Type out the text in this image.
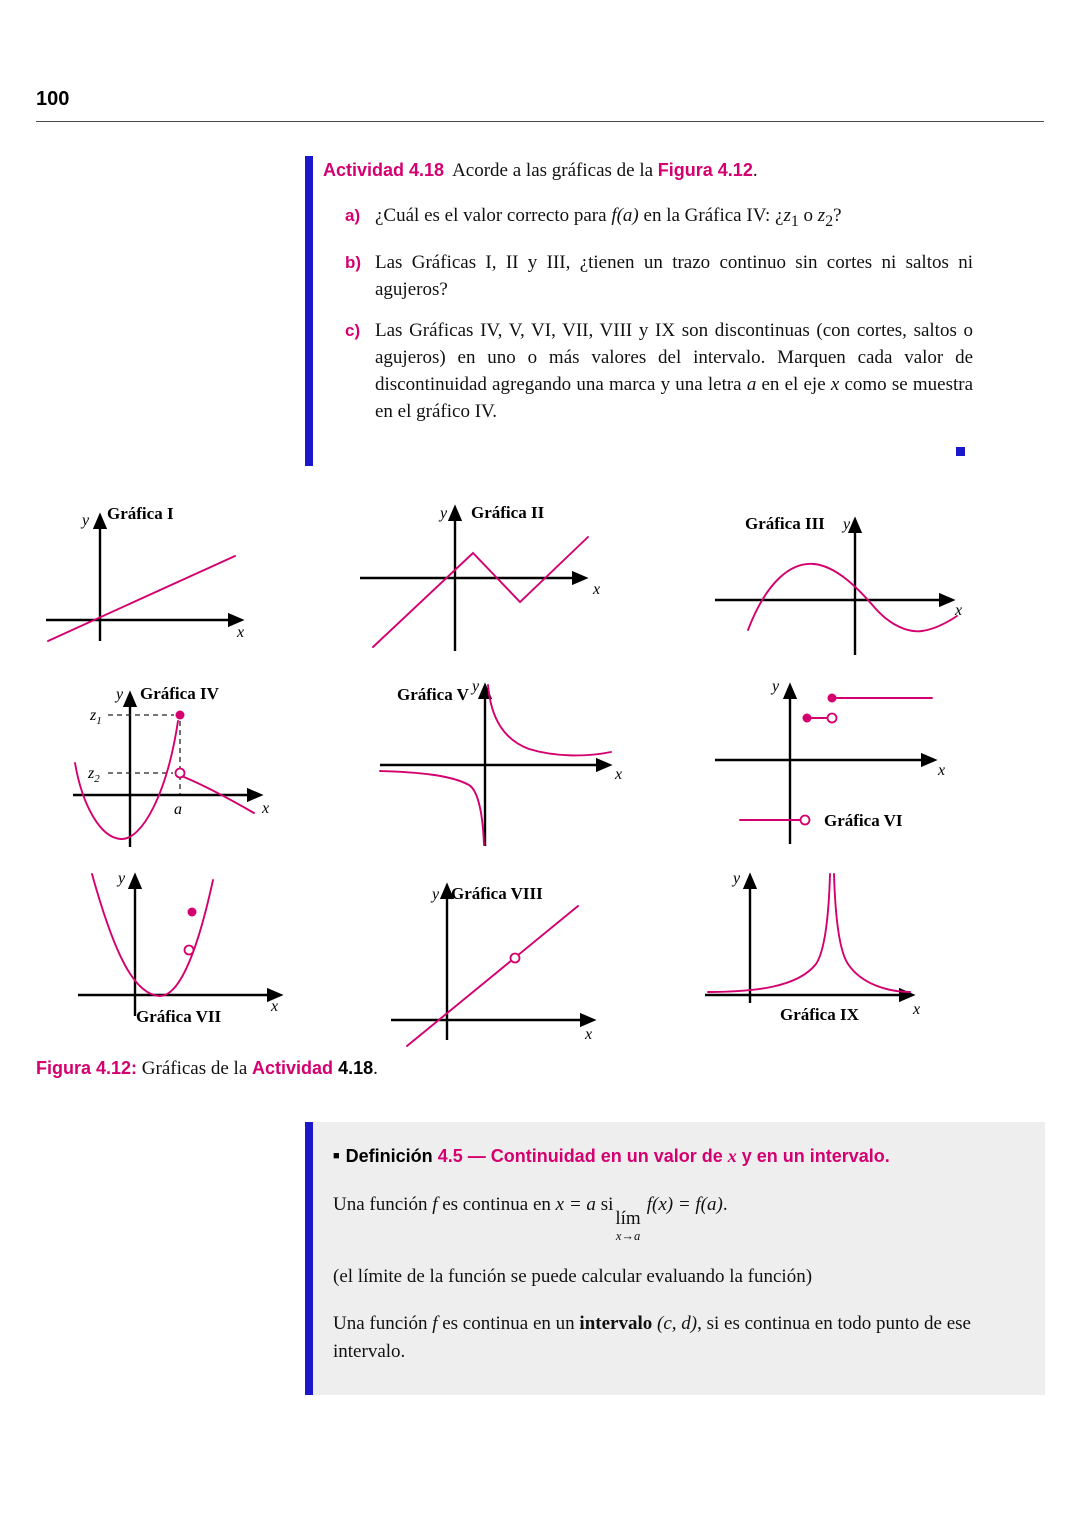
100

Actividad 4.18 Acorde a las gráficas de la Figura 4.12.

a) ¿Cuál es el valor correcto para f(a) en la Gráfica IV: ¿$z_1$ o $z_2$?
b) Las Gráficas I, II y III, ¿tienen un trazo continuo sin cortes ni saltos ni agujeros?
c) Las Gráficas IV, V, VI, VII, VIII y IX son discontinuas (con cortes, saltos o agujeros) en uno o más valores del intervalo. Marquen cada valor de discontinuidad agregando una marca y una letra a en el eje x como se muestra en el gráfico IV.
Gráfica I
y
x
Gráfica II
y
x
Gráfica III y
x
y Gráfica IV
$z_1$
$z_2$
a	x
Gráfica V y
x
y
x
Gráfica VI
y
Gráfica VII
x
y Gráfica VIII
x
y
Gráfica IX	x

Figura 4.12: Gráficas de la Actividad 4.18.

■ Definición 4.5 — Continuidad en un valor de x y en un intervalo.

Una función f es continua en x = a si
lím
x→a
f(x) = f(a).

(el límite de la función se puede calcular evaluando la función)

Una función f es continua en un intervalo (c, d), si es continua en todo punto de ese intervalo.
